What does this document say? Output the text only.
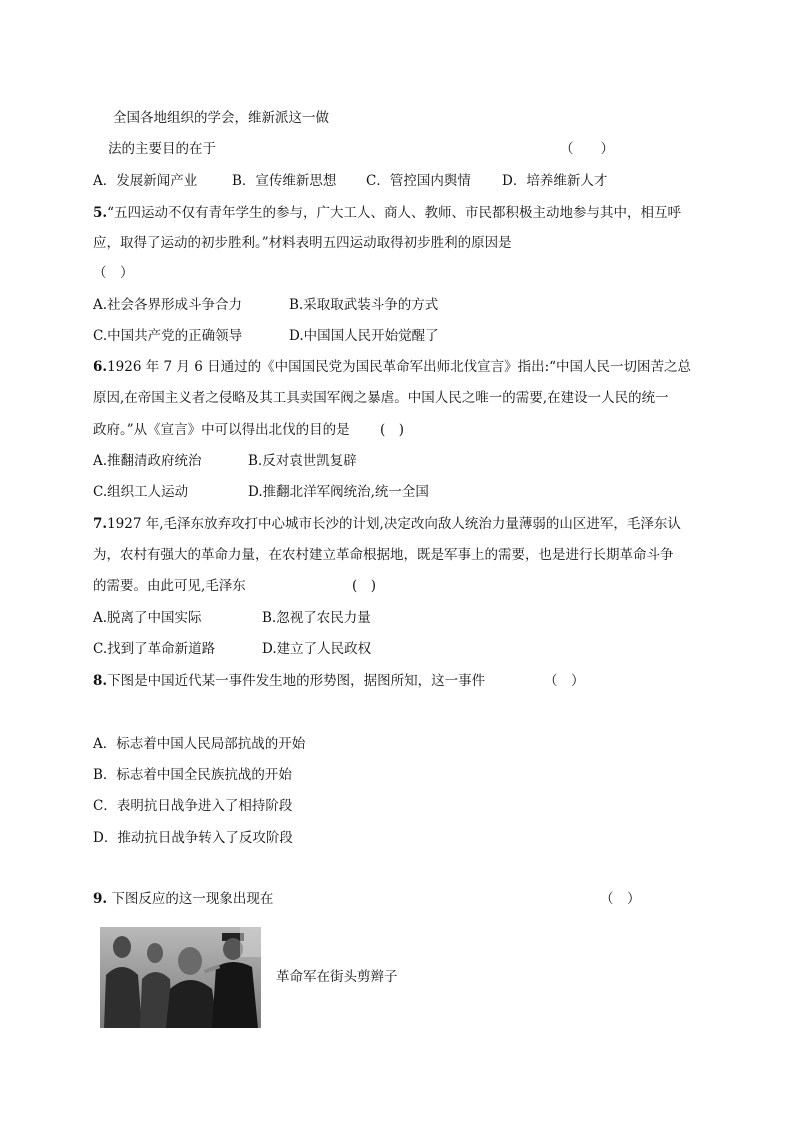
全国各地组织的学会，维新派这一做
法的主要目的在于	（　　）
A．发展新闻产业	B．宣传维新思想 C．管控国内舆情 D．培养维新人才
5.“五四运动不仅有青年学生的参与，广大工人、商人、教师、市民都积极主动地参与其中，相互呼
应，取得了运动的初步胜利。”材料表明五四运动取得初步胜利的原因是
（　）
A.社会各界形成斗争合力	B.采取取武装斗争的方式
C.中国共产党的正确领导	D.中国国人民开始觉醒了
6.1926 年 7 月 6 日通过的《中国国民党为国民革命军出师北伐宣言》指出:“中国人民一切困苦之总
原因,在帝国主义者之侵略及其工具卖国军阀之暴虐。中国人民之唯一的需要,在建设一人民的统一
政府。”从《宣言》中可以得出北伐的目的是 (　)
A.推翻清政府统治	B.反对袁世凯复辟
C.组织工人运动	D.推翻北洋军阀统治,统一全国
7.1927 年,毛泽东放弃攻打中心城市长沙的计划,决定改向敌人统治力量薄弱的山区进军，毛泽东认
为，农村有强大的革命力量，在农村建立革命根据地，既是军事上的需要，也是进行长期革命斗争
的需要。由此可见,毛泽东	(　)
A.脱离了中国实际	B.忽视了农民力量
C.找到了革命新道路	D.建立了人民政权
8.下图是中国近代某一事件发生地的形势图，据图所知，这一事件	（　）
A．标志着中国人民局部抗战的开始
B．标志着中国全民族抗战的开始
C．表明抗日战争进入了相持阶段
D．推动抗日战争转入了反攻阶段
9. 下图反应的这一现象出现在	（　）
革命军在街头剪辫子
